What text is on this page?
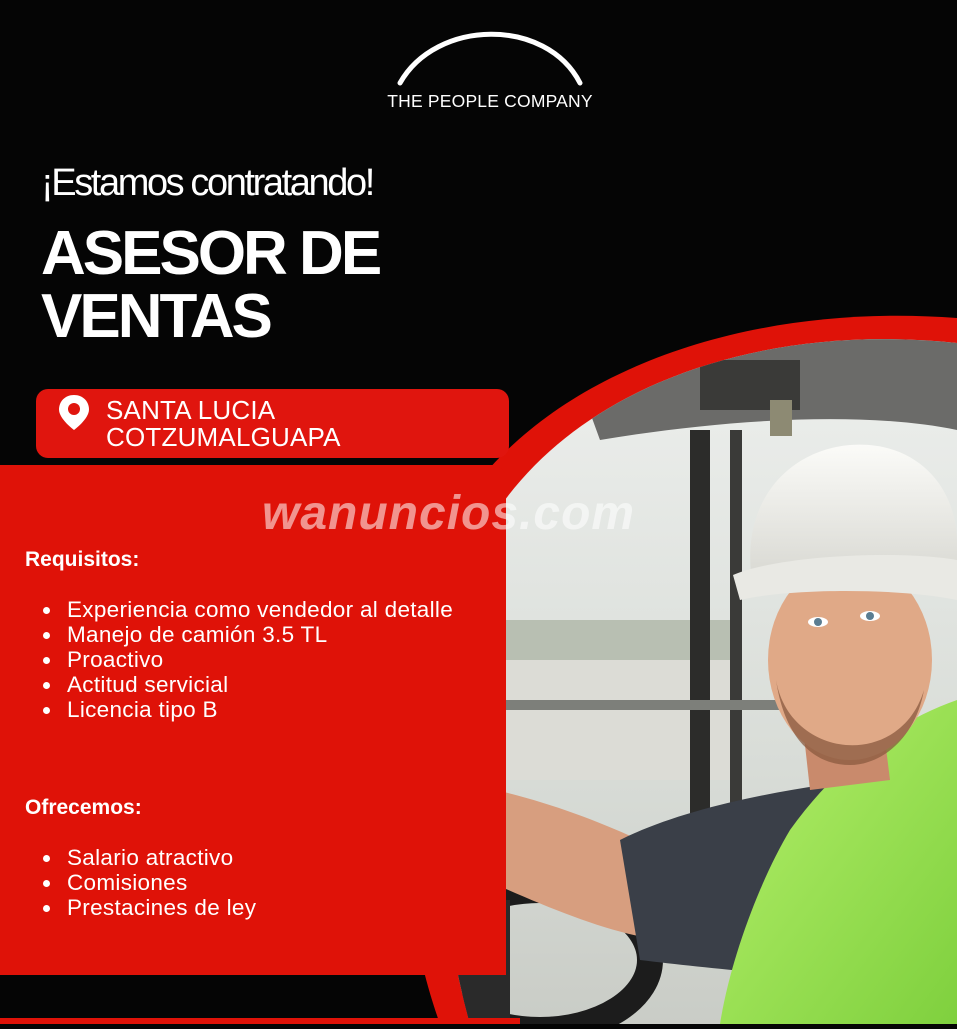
THE PEOPLE COMPANY
¡Estamos contratando!
ASESOR DE
VENTAS
SANTA LUCIA
COTZUMALGUAPA
wanuncios.com
Requisitos:
Experiencia como vendedor al detalle
Manejo de camión 3.5 TL
Proactivo
Actitud servicial
Licencia tipo B
Ofrecemos:
Salario atractivo
Comisiones
Prestacines de ley
